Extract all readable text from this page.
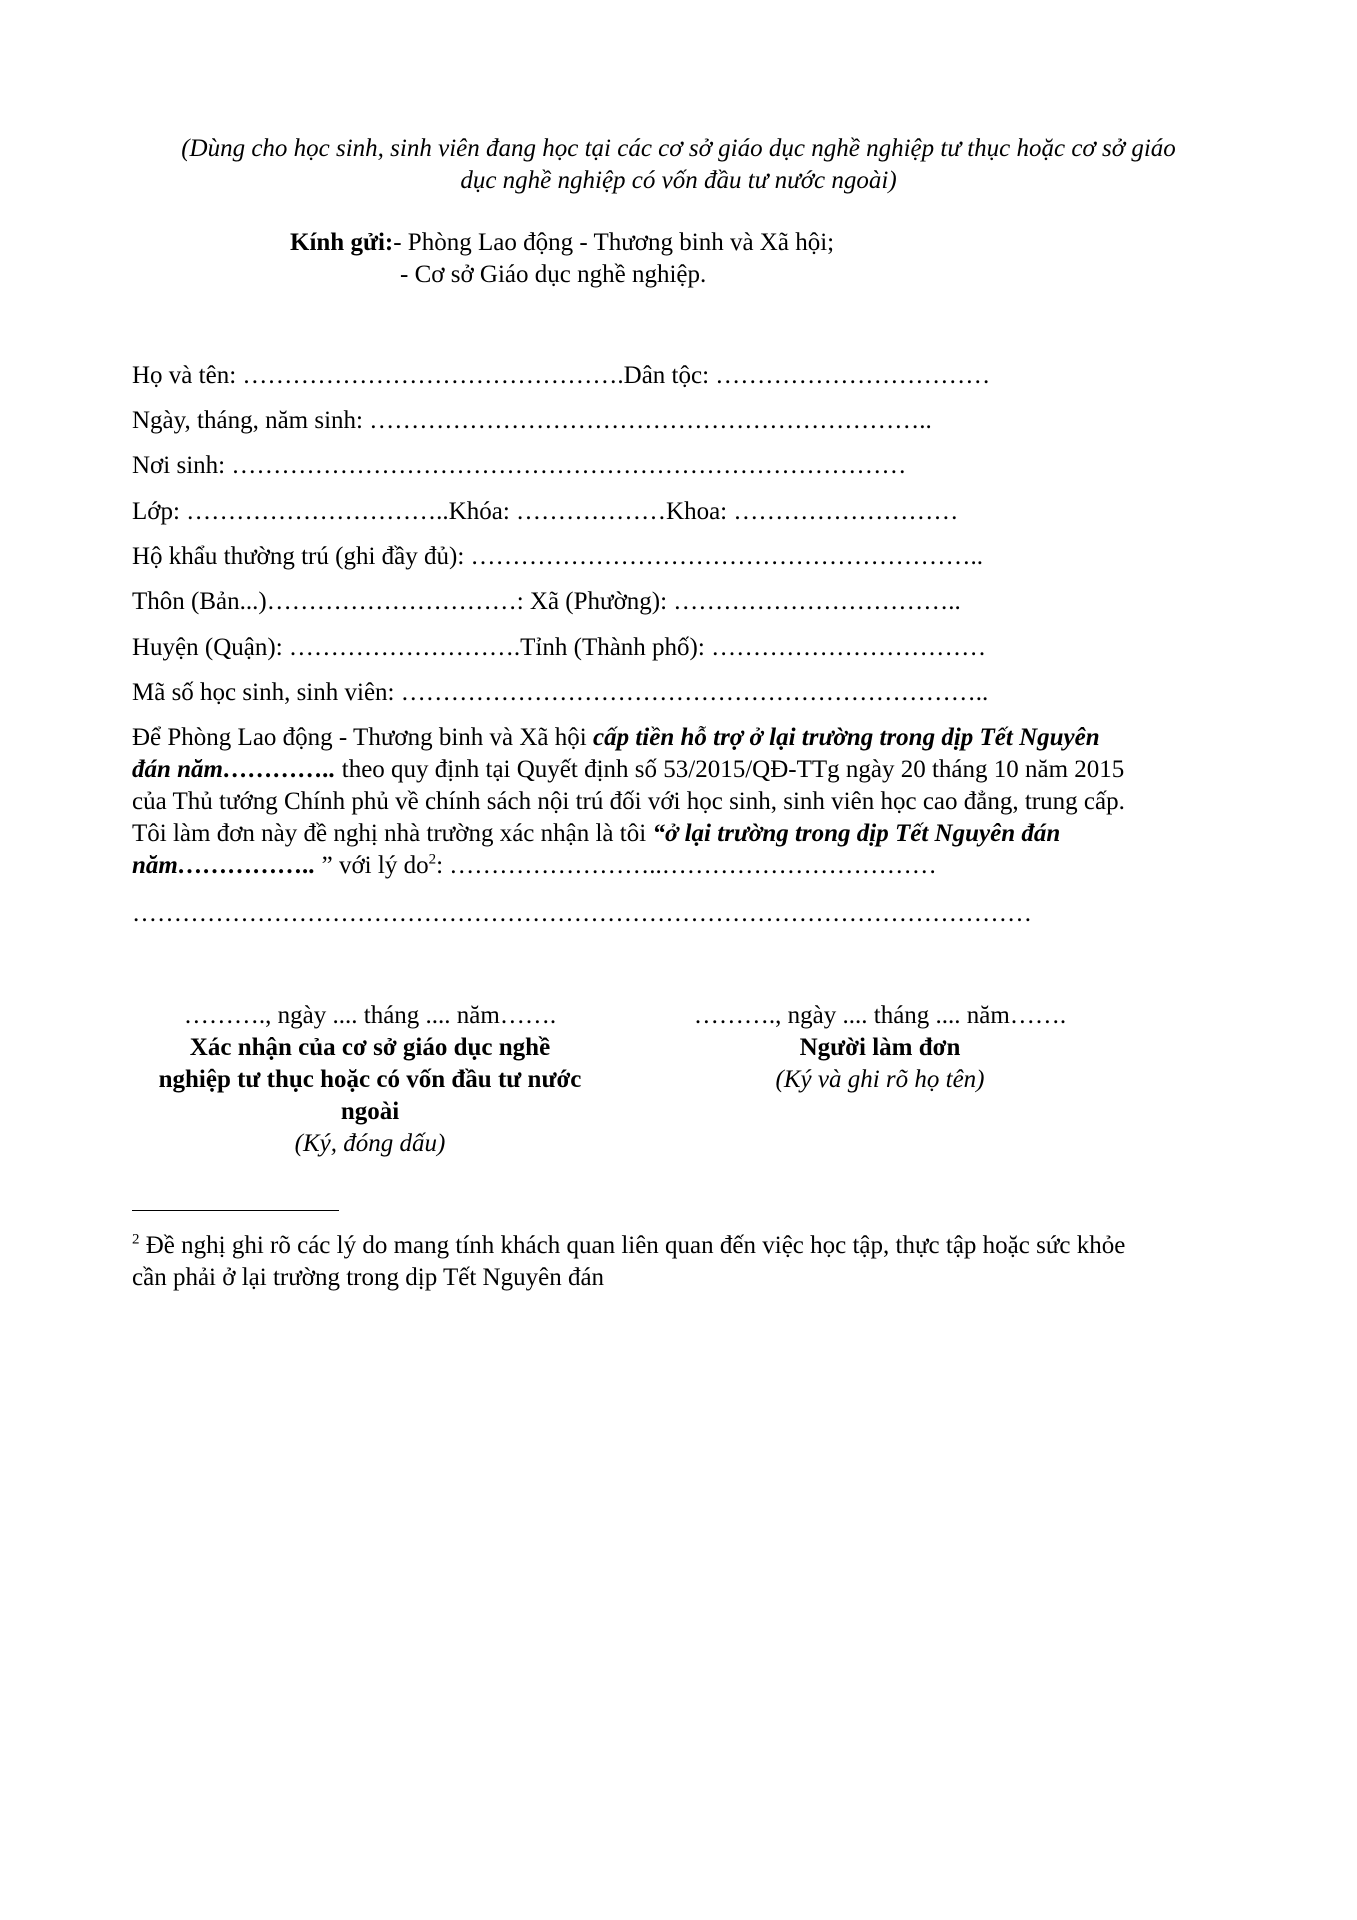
(Dùng cho học sinh, sinh viên đang học tại các cơ sở giáo dục nghề nghiệp tư thục hoặc cơ sở giáo
dục nghề nghiệp có vốn đầu tư nước ngoài)
Kính gửi:- Phòng Lao động - Thương binh và Xã hội;
- Cơ sở Giáo dục nghề nghiệp.
Họ và tên: ……………………………………….Dân tộc: ……………………………
Ngày, tháng, năm sinh: …………………………………………………………..
Nơi sinh: ………………………………………………………………………
Lớp: …………………………..Khóa: ………………Khoa: ………………………
Hộ khẩu thường trú (ghi đầy đủ): ……………………………………………………..
Thôn (Bản...)…………………………: Xã (Phường): ……………………………..
Huyện (Quận): ……………………….Tỉnh (Thành phố): ……………………………
Mã số học sinh, sinh viên: ……………………………………………………………..
Để Phòng Lao động - Thương binh và Xã hội cấp tiền hỗ trợ ở lại trường trong dịp Tết Nguyên
đán năm………….. theo quy định tại Quyết định số 53/2015/QĐ-TTg ngày 20 tháng 10 năm 2015
của Thủ tướng Chính phủ về chính sách nội trú đối với học sinh, sinh viên học cao đẳng, trung cấp.
Tôi làm đơn này đề nghị nhà trường xác nhận là tôi “ở lại trường trong dịp Tết Nguyên đán
năm…………….. ” với lý $do^2$: ……………………..……………………………
………………………………………………………………………………………………
………., ngày .... tháng .... năm…….
Xác nhận của cơ sở giáo dục nghề
nghiệp tư thục hoặc có vốn đầu tư nước
ngoài
(Ký, đóng dấu)
………., ngày .... tháng .... năm…….
Người làm đơn
(Ký và ghi rõ họ tên)
$^2$ Đề nghị ghi rõ các lý do mang tính khách quan liên quan đến việc học tập, thực tập hoặc sức khỏe
cần phải ở lại trường trong dịp Tết Nguyên đán
